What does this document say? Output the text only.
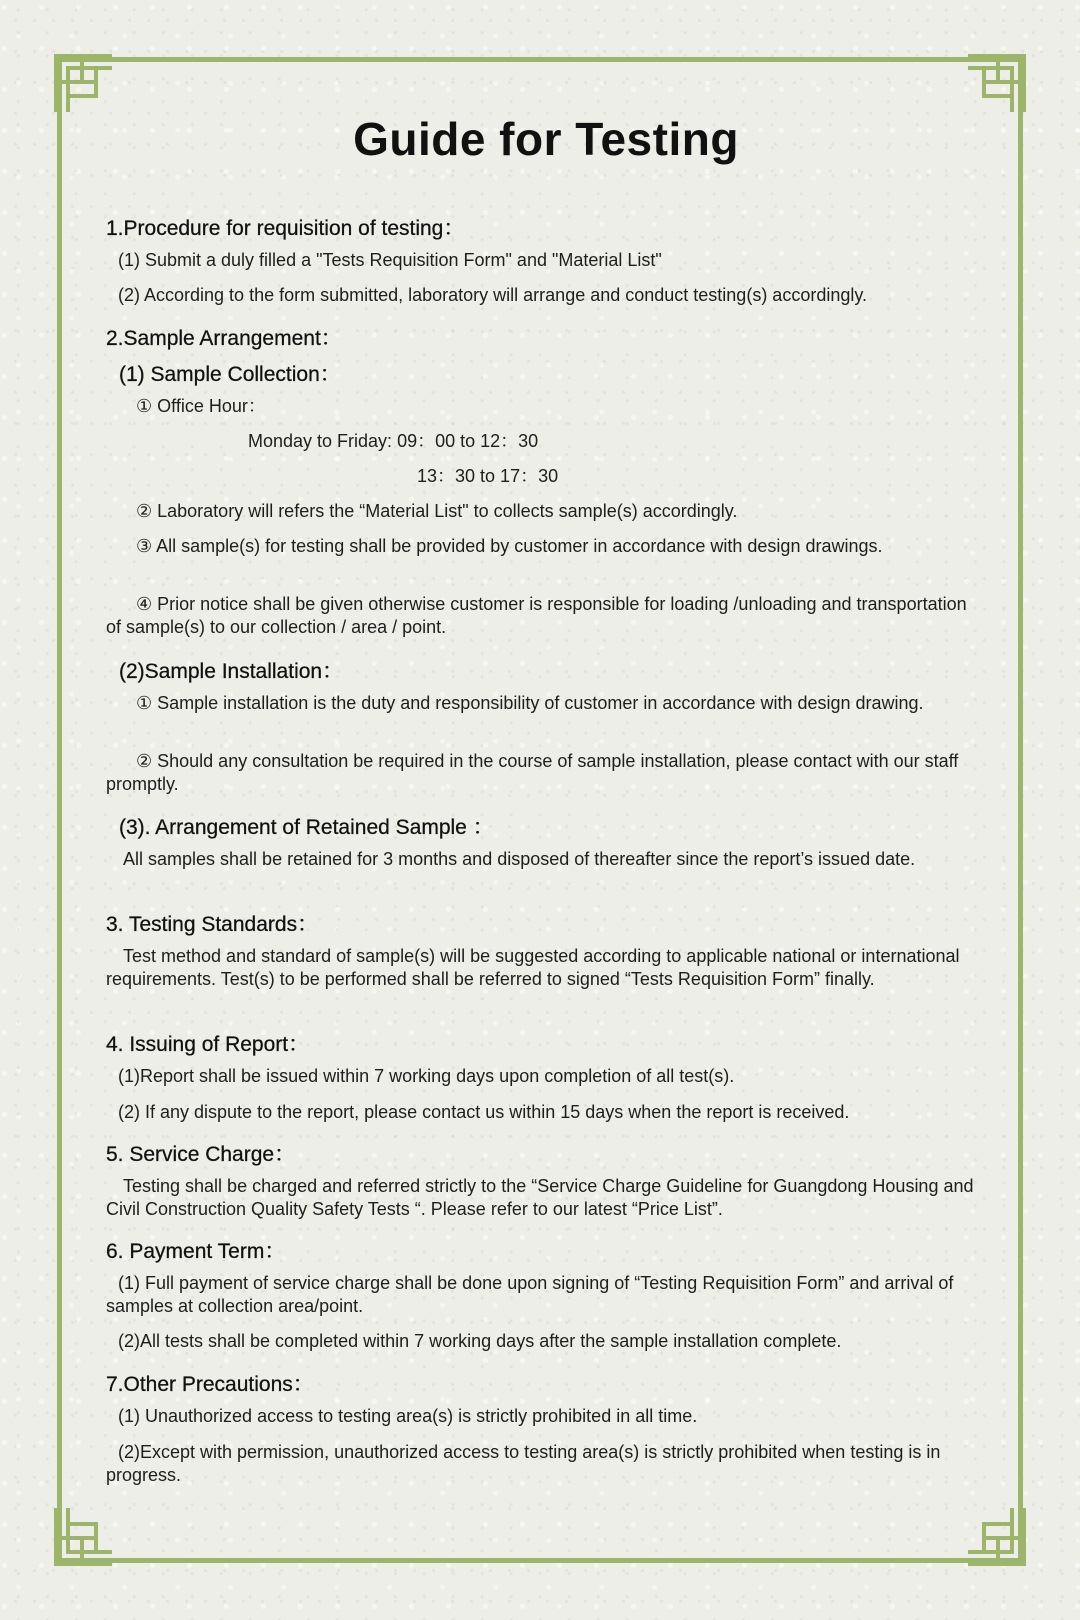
Guide for Testing
1.Procedure for requisition of testing：
(1) Submit a duly filled a "Tests Requisition Form" and "Material List"
(2) According to the form submitted, laboratory will arrange and conduct testing(s) accordingly.
2.Sample Arrangement：
(1) Sample Collection：
① Office Hour：
Monday to Friday: 09：00 to 12：30
13：30 to 17：30
② Laboratory will refers the “Material List" to collects sample(s) accordingly.
③ All sample(s) for testing shall be provided by customer in accordance with design drawings.
④ Prior notice shall be given otherwise customer is responsible for loading /unloading and transportation of sample(s) to our collection / area / point.
(2)Sample Installation：
① Sample installation is the duty and responsibility of customer in accordance with design drawing.
② Should any consultation be required in the course of sample installation, please contact with our staff promptly.
(3). Arrangement of Retained Sample ：
All samples shall be retained for 3 months and disposed of thereafter since the report’s issued date.
3. Testing Standards：
Test method and standard of sample(s) will be suggested according to applicable national or international requirements. Test(s) to be performed shall be referred to signed “Tests Requisition Form” finally.
4. Issuing of Report：
(1)Report shall be issued within 7 working days upon completion of all test(s).
(2) If any dispute to the report, please contact us within 15 days when the report is received.
5. Service Charge：
Testing shall be charged and referred strictly to the “Service Charge Guideline for Guangdong Housing and Civil Construction Quality Safety Tests “. Please refer to our latest “Price List”.
6. Payment Term：
(1) Full payment of service charge shall be done upon signing of “Testing Requisition Form” and arrival of samples at collection area/point.
(2)All tests shall be completed within 7 working days after the sample installation complete.
7.Other Precautions：
(1) Unauthorized access to testing area(s) is strictly prohibited in all time.
(2)Except with permission, unauthorized access to testing area(s) is strictly prohibited when testing is in progress.
